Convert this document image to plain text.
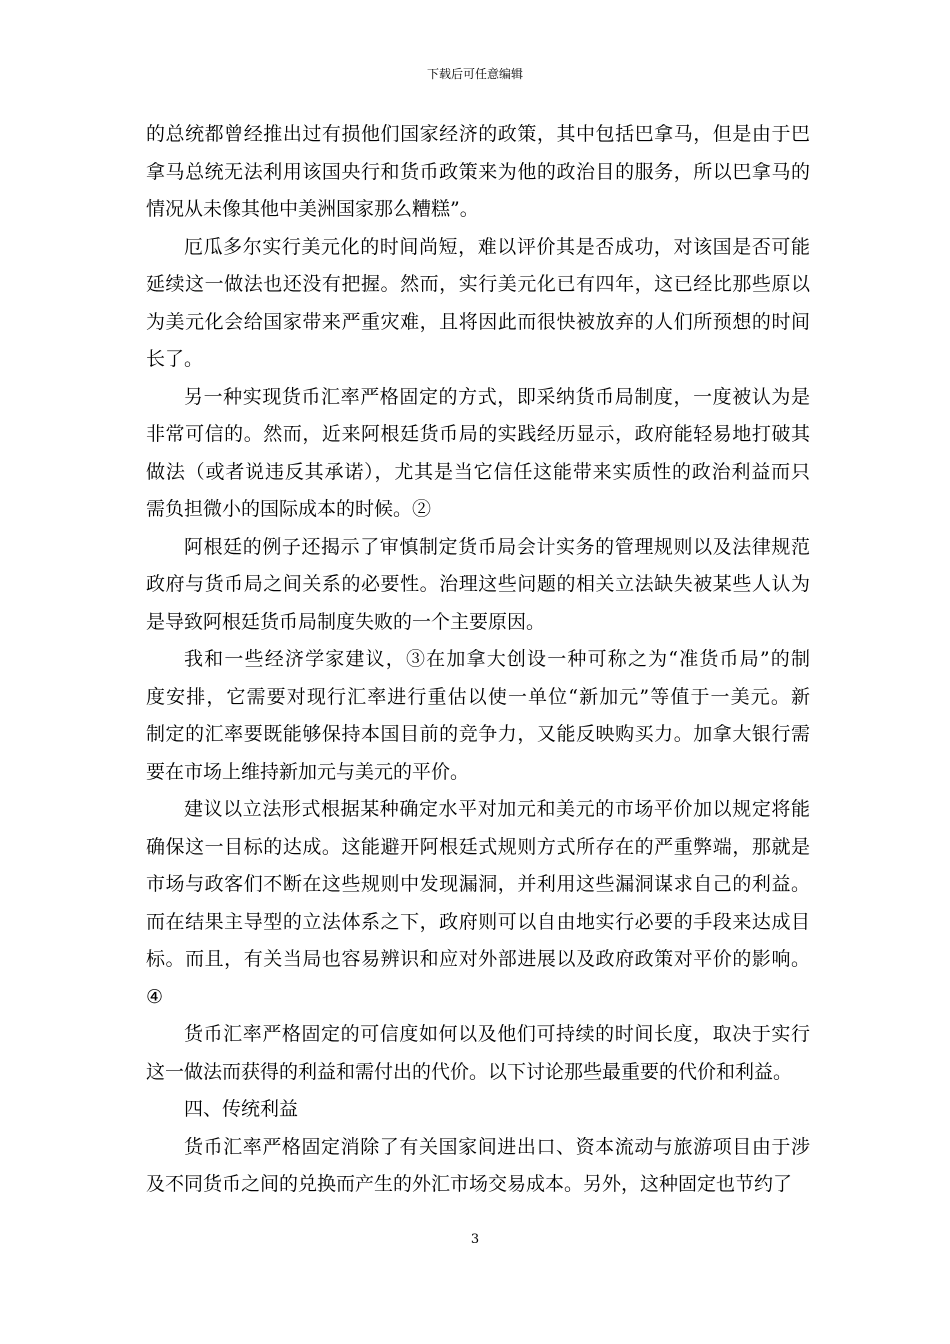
下载后可任意编辑
的总统都曾经推出过有损他们国家经济的政策，其中包括巴拿马，但是由于巴
拿马总统无法利用该国央行和货币政策来为他的政治目的服务，所以巴拿马的
情况从未像其他中美洲国家那么糟糕”。
厄瓜多尔实行美元化的时间尚短，难以评价其是否成功，对该国是否可能
延续这一做法也还没有把握。然而，实行美元化已有四年，这已经比那些原以
为美元化会给国家带来严重灾难，且将因此而很快被放弃的人们所预想的时间
长了。
另一种实现货币汇率严格固定的方式，即采纳货币局制度，一度被认为是
非常可信的。然而，近来阿根廷货币局的实践经历显示，政府能轻易地打破其
做法（或者说违反其承诺），尤其是当它信任这能带来实质性的政治利益而只
需负担微小的国际成本的时候。②
阿根廷的例子还揭示了审慎制定货币局会计实务的管理规则以及法律规范
政府与货币局之间关系的必要性。治理这些问题的相关立法缺失被某些人认为
是导致阿根廷货币局制度失败的一个主要原因。
我和一些经济学家建议，③在加拿大创设一种可称之为“准货币局”的制
度安排，它需要对现行汇率进行重估以使一单位“新加元”等值于一美元。新
制定的汇率要既能够保持本国目前的竞争力，又能反映购买力。加拿大银行需
要在市场上维持新加元与美元的平价。
建议以立法形式根据某种确定水平对加元和美元的市场平价加以规定将能
确保这一目标的达成。这能避开阿根廷式规则方式所存在的严重弊端，那就是
市场与政客们不断在这些规则中发现漏洞，并利用这些漏洞谋求自己的利益。
而在结果主导型的立法体系之下，政府则可以自由地实行必要的手段来达成目
标。而且，有关当局也容易辨识和应对外部进展以及政府政策对平价的影响。
④
货币汇率严格固定的可信度如何以及他们可持续的时间长度，取决于实行
这一做法而获得的利益和需付出的代价。以下讨论那些最重要的代价和利益。
四、传统利益
货币汇率严格固定消除了有关国家间进出口、资本流动与旅游项目由于涉
及不同货币之间的兑换而产生的外汇市场交易成本。另外，这种固定也节约了
3
